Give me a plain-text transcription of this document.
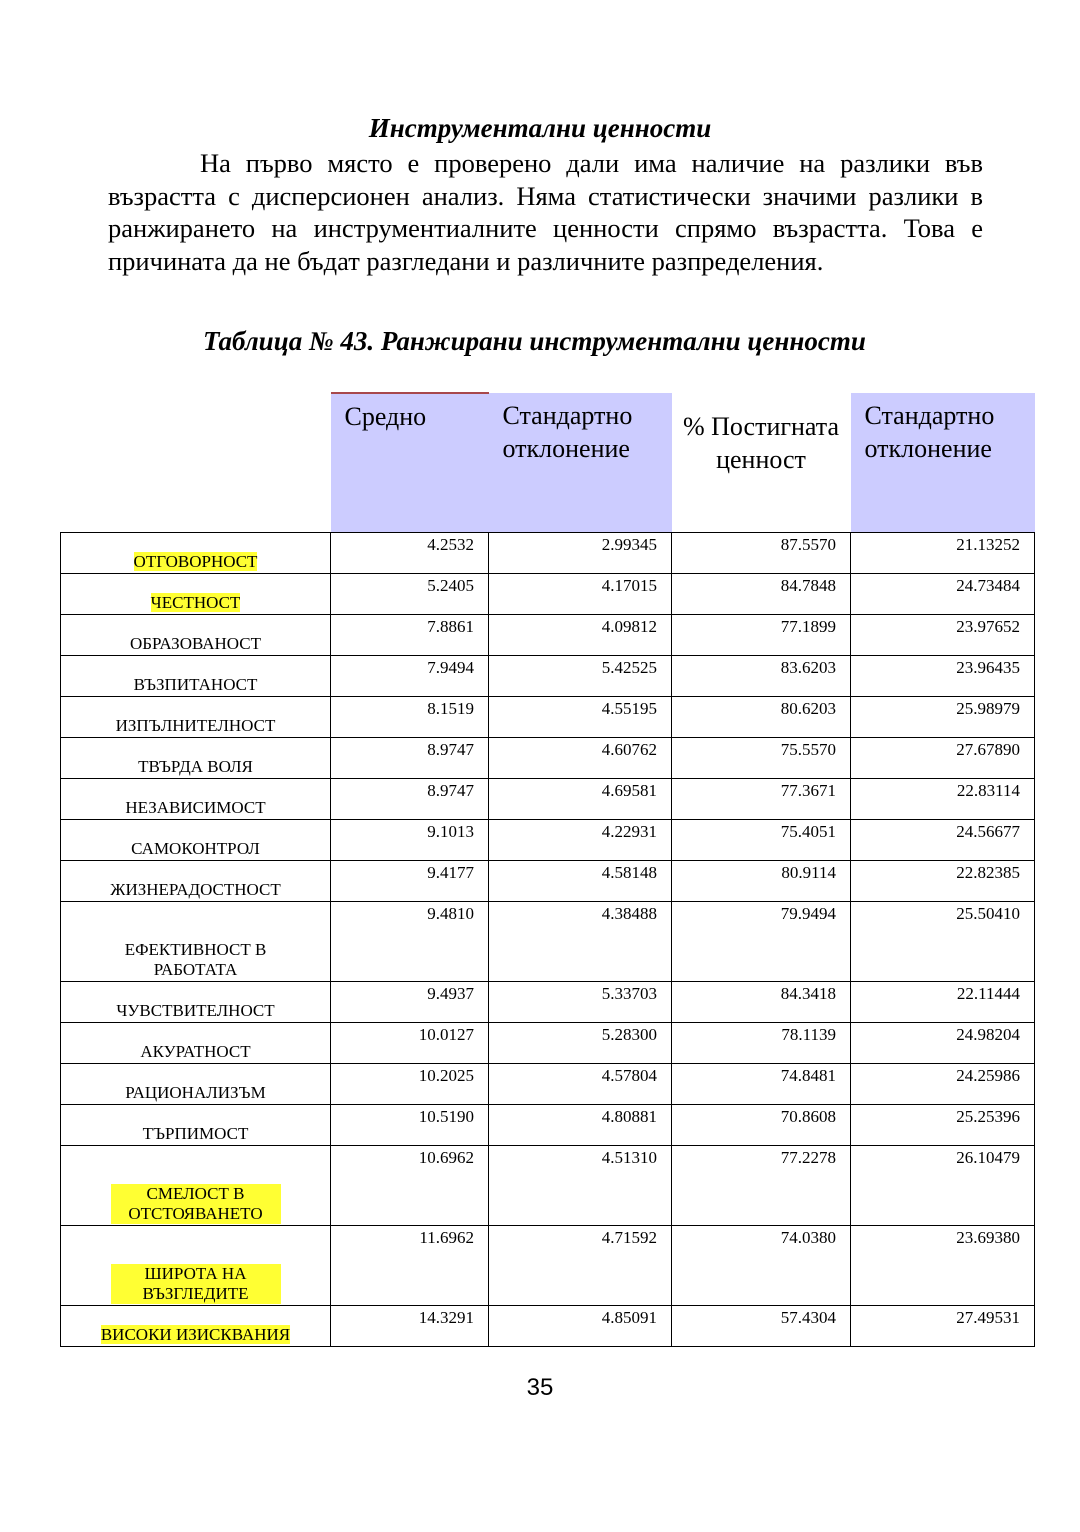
Инструментални ценности

На първо място е проверено дали има наличие на разлики във възрастта с дисперсионен анализ. Няма статистически значими разлики в ранжирането на инструментиалните ценности спрямо възрастта. Това е причината да не бъдат разгледани и различните разпределения.

Таблица № 43. Ранжирани инструментални ценности
	Средно	Стандартно отклонение	% Постигната ценност	Стандартно отклонение
ОТГОВОРНОСТ	4.2532	2.99345	87.5570	21.13252
ЧЕСТНОСТ	5.2405	4.17015	84.7848	24.73484
ОБРАЗОВАНОСТ	7.8861	4.09812	77.1899	23.97652
ВЪЗПИТАНОСТ	7.9494	5.42525	83.6203	23.96435
ИЗПЪЛНИТЕЛНОСТ	8.1519	4.55195	80.6203	25.98979
ТВЪРДА ВОЛЯ	8.9747	4.60762	75.5570	27.67890
НЕЗАВИСИМОСТ	8.9747	4.69581	77.3671	22.83114
САМОКОНТРОЛ	9.1013	4.22931	75.4051	24.56677
ЖИЗНЕРАДОСТНОСТ	9.4177	4.58148	80.9114	22.82385
ЕФЕКТИВНОСТ В РАБОТАТА	9.4810	4.38488	79.9494	25.50410
ЧУВСТВИТЕЛНОСТ	9.4937	5.33703	84.3418	22.11444
АКУРАТНОСТ	10.0127	5.28300	78.1139	24.98204
РАЦИОНАЛИЗЪМ	10.2025	4.57804	74.8481	24.25986
ТЪРПИМОСТ	10.5190	4.80881	70.8608	25.25396
СМЕЛОСТ В ОТСТОЯВАНЕТО	10.6962	4.51310	77.2278	26.10479
ШИРОТА НА ВЪЗГЛЕДИТЕ	11.6962	4.71592	74.0380	23.69380
ВИСОКИ ИЗИСКВАНИЯ	14.3291	4.85091	57.4304	27.49531
35
